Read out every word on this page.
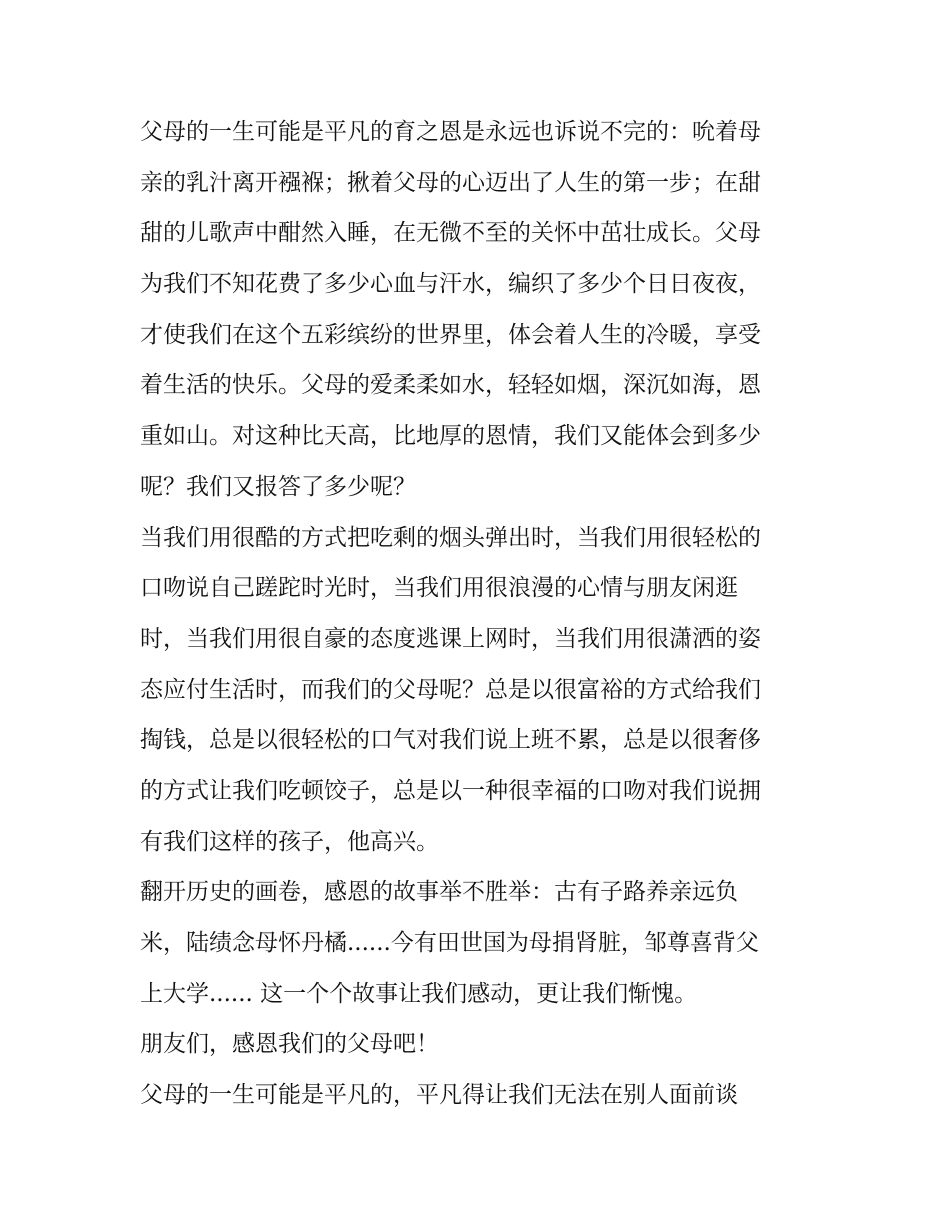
父母的一生可能是平凡的育之恩是永远也诉说不完的：吮着母
亲的乳汁离开襁褓；揪着父母的心迈出了人生的第一步；在甜
甜的儿歌声中酣然入睡，在无微不至的关怀中茁壮成长。父母
为我们不知花费了多少心血与汗水，编织了多少个日日夜夜，
才使我们在这个五彩缤纷的世界里，体会着人生的冷暖，享受
着生活的快乐。父母的爱柔柔如水，轻轻如烟，深沉如海，恩
重如山。对这种比天高，比地厚的恩情，我们又能体会到多少
呢？我们又报答了多少呢？
当我们用很酷的方式把吃剩的烟头弹出时，当我们用很轻松的
口吻说自己蹉跎时光时，当我们用很浪漫的心情与朋友闲逛
时，当我们用很自豪的态度逃课上网时，当我们用很潇洒的姿
态应付生活时，而我们的父母呢？总是以很富裕的方式给我们
掏钱，总是以很轻松的口气对我们说上班不累，总是以很奢侈
的方式让我们吃顿饺子，总是以一种很幸福的口吻对我们说拥
有我们这样的孩子，他高兴。
翻开历史的画卷，感恩的故事举不胜举：古有子路养亲远负
米，陆绩念母怀丹橘......今有田世国为母捐肾脏，邹尊喜背父
上大学...... 这一个个故事让我们感动，更让我们惭愧。
朋友们，感恩我们的父母吧！
父母的一生可能是平凡的，平凡得让我们无法在别人面前谈
